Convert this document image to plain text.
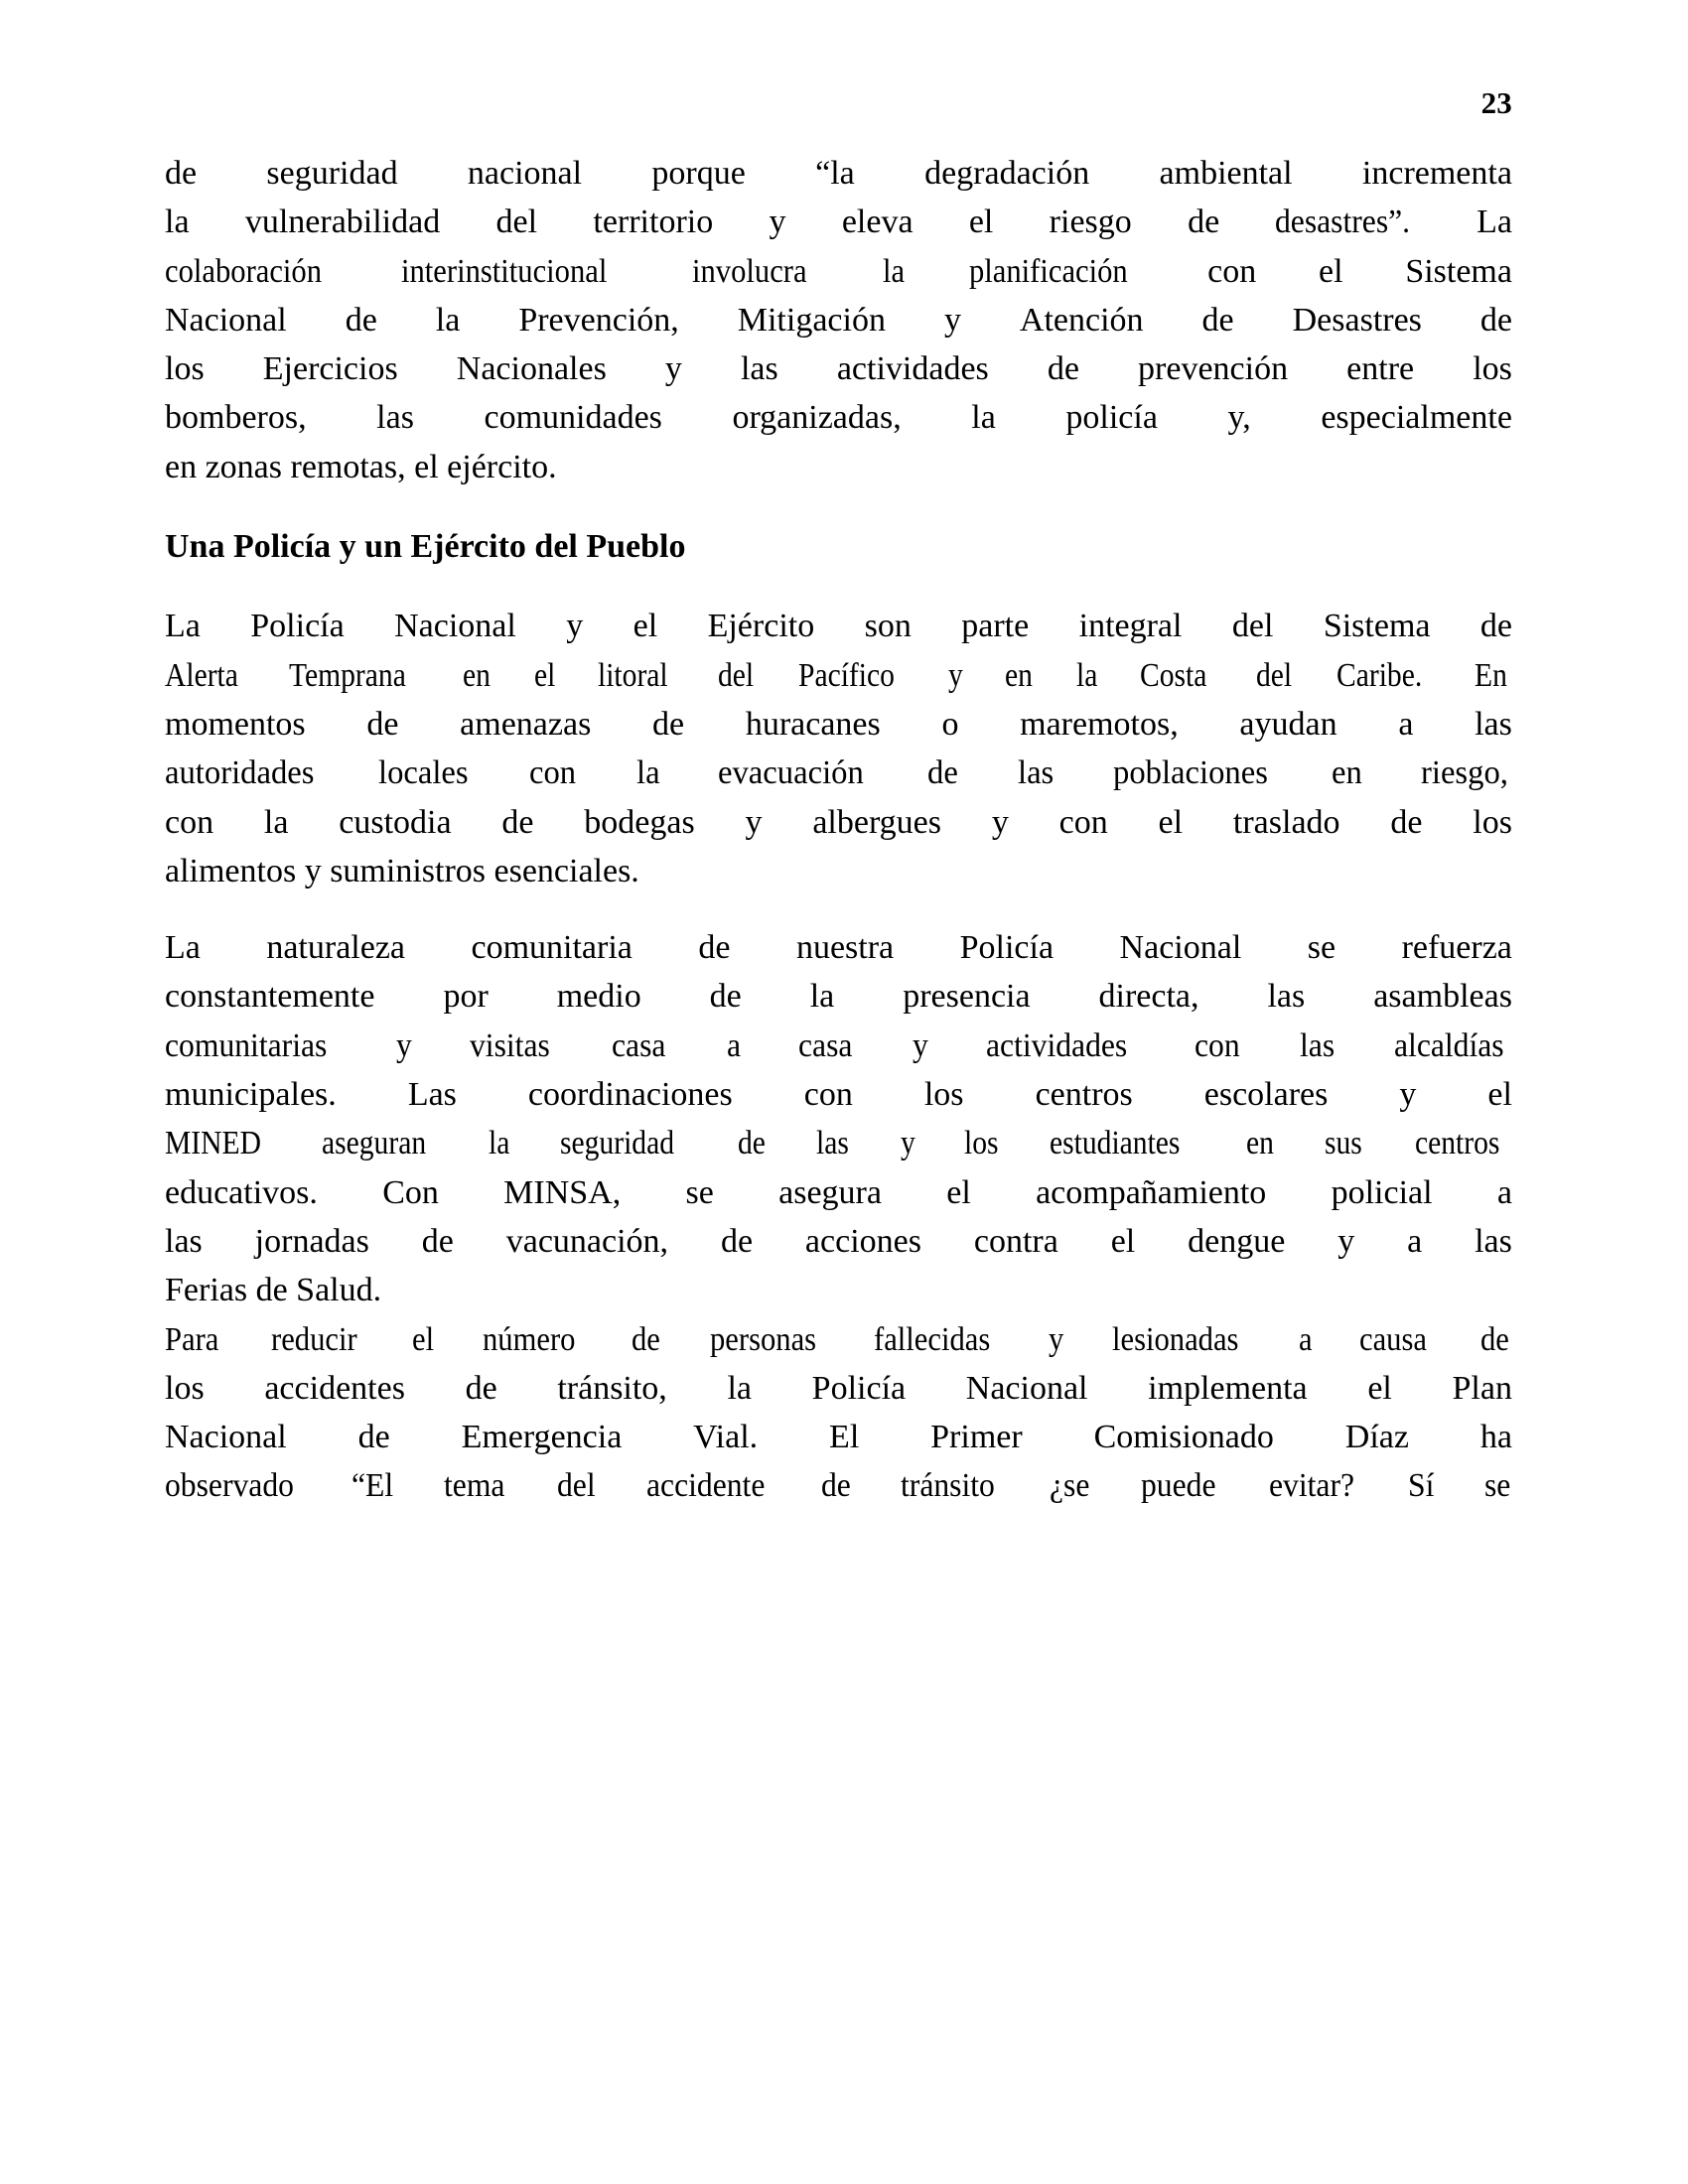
23
de seguridad nacional porque “la degradación ambiental incrementa
la vulnerabilidad del territorio y eleva el riesgo de desastres”. La
colaboración interinstitucional	involucra la planificación con el Sistema
Nacional de la Prevención, Mitigación y Atención de Desastres de
los Ejercicios Nacionales y las actividades de prevención entre los
bomberos, las comunidades organizadas, la policía y, especialmente
en zonas remotas, el ejército.
Una Policía y un Ejército del Pueblo
La Policía Nacional y el Ejército son parte integral del Sistema de
Alerta Temprana en el litoral del Pacífico y en la Costa del Caribe. En
momentos de amenazas de huracanes o maremotos, ayudan a las
autoridades locales con la evacuación de las poblaciones en riesgo,
con la custodia de bodegas y albergues y con el traslado de los
alimentos y suministros esenciales.
La naturaleza comunitaria de nuestra Policía Nacional se refuerza
constantemente por medio de la presencia directa, las asambleas
comunitarias y visitas casa a casa y actividades con las alcaldías
municipales. Las coordinaciones con los centros escolares y el
MINED aseguran la seguridad de las y los estudiantes en sus centros
educativos. Con MINSA, se asegura el acompañamiento policial a
las jornadas de vacunación, de acciones contra el dengue y a las
Ferias de Salud.
Para reducir el número de personas fallecidas y lesionadas a causa de
los accidentes de tránsito, la Policía Nacional implementa el Plan
Nacional de Emergencia Vial. El Primer Comisionado Díaz ha
observado “El tema del accidente de tránsito ¿se puede evitar? Sí se
